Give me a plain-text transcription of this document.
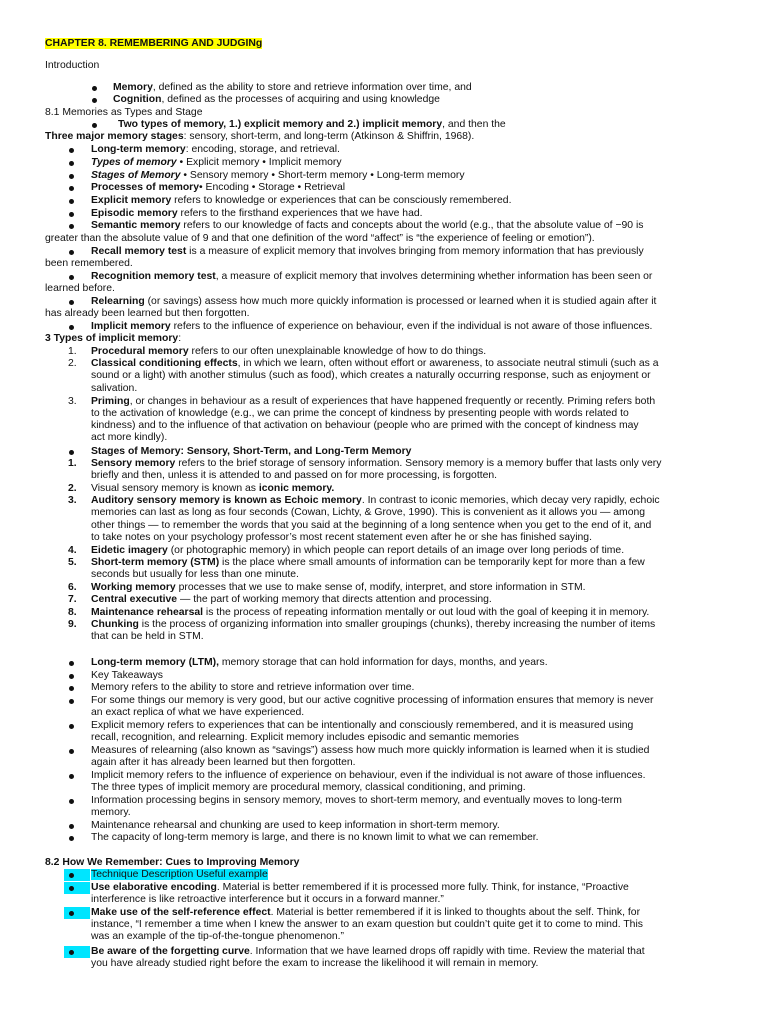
CHAPTER 8. REMEMBERING AND JUDGINg
Introduction
Memory, defined as the ability to store and retrieve information over time, and
Cognition, defined as the processes of acquiring and using knowledge
8.1 Memories as Types and Stage
Two types of memory, 1.) explicit memory and 2.) implicit memory, and then the
Three major memory stages: sensory, short-term, and long-term (Atkinson & Shiffrin, 1968).
Long-term memory: encoding, storage, and retrieval.
Types of memory • Explicit memory • Implicit memory
Stages of Memory • Sensory memory • Short-term memory • Long-term memory
Processes of memory• Encoding • Storage • Retrieval
Explicit memory refers to knowledge or experiences that can be consciously remembered.
Episodic memory refers to the firsthand experiences that we have had.
Semantic memory refers to our knowledge of facts and concepts about the world (e.g., that the absolute value of −90 is
greater than the absolute value of 9 and that one definition of the word “affect” is “the experience of feeling or emotion”).
Recall memory test is a measure of explicit memory that involves bringing from memory information that has previously
been remembered.
Recognition memory test, a measure of explicit memory that involves determining whether information has been seen or
learned before.
Relearning (or savings) assess how much more quickly information is processed or learned when it is studied again after it
has already been learned but then forgotten.
Implicit memory refers to the influence of experience on behaviour, even if the individual is not aware of those influences.
3 Types of implicit memory:
1. Procedural memory refers to our often unexplainable knowledge of how to do things.
2. Classical conditioning effects, in which we learn, often without effort or awareness, to associate neutral stimuli (such as a
sound or a light) with another stimulus (such as food), which creates a naturally occurring response, such as enjoyment or
salivation.
3. Priming, or changes in behaviour as a result of experiences that have happened frequently or recently. Priming refers both
to the activation of knowledge (e.g., we can prime the concept of kindness by presenting people with words related to
kindness) and to the influence of that activation on behaviour (people who are primed with the concept of kindness may
act more kindly).
Stages of Memory: Sensory, Short-Term, and Long-Term Memory
1. Sensory memory refers to the brief storage of sensory information. Sensory memory is a memory buffer that lasts only very
briefly and then, unless it is attended to and passed on for more processing, is forgotten.
2. Visual sensory memory is known as iconic memory.
3. Auditory sensory memory is known as Echoic memory. In contrast to iconic memories, which decay very rapidly, echoic
memories can last as long as four seconds (Cowan, Lichty, & Grove, 1990). This is convenient as it allows you — among
other things — to remember the words that you said at the beginning of a long sentence when you get to the end of it, and
to take notes on your psychology professor’s most recent statement even after he or she has finished saying.
4. Eidetic imagery (or photographic memory) in which people can report details of an image over long periods of time.
5. Short-term memory (STM) is the place where small amounts of information can be temporarily kept for more than a few
seconds but usually for less than one minute.
6. Working memory processes that we use to make sense of, modify, interpret, and store information in STM.
7. Central executive — the part of working memory that directs attention and processing.
8. Maintenance rehearsal is the process of repeating information mentally or out loud with the goal of keeping it in memory.
9. Chunking is the process of organizing information into smaller groupings (chunks), thereby increasing the number of items
that can be held in STM.
Long-term memory (LTM), memory storage that can hold information for days, months, and years.
Key Takeaways
Memory refers to the ability to store and retrieve information over time.
For some things our memory is very good, but our active cognitive processing of information ensures that memory is never
an exact replica of what we have experienced.
Explicit memory refers to experiences that can be intentionally and consciously remembered, and it is measured using
recall, recognition, and relearning. Explicit memory includes episodic and semantic memories
Measures of relearning (also known as “savings”) assess how much more quickly information is learned when it is studied
again after it has already been learned but then forgotten.
Implicit memory refers to the influence of experience on behaviour, even if the individual is not aware of those influences.
The three types of implicit memory are procedural memory, classical conditioning, and priming.
Information processing begins in sensory memory, moves to short-term memory, and eventually moves to long-term
memory.
Maintenance rehearsal and chunking are used to keep information in short-term memory.
The capacity of long-term memory is large, and there is no known limit to what we can remember.
8.2 How We Remember: Cues to Improving Memory
Technique Description Useful example
Use elaborative encoding. Material is better remembered if it is processed more fully. Think, for instance, “Proactive
interference is like retroactive interference but it occurs in a forward manner.”
Make use of the self-reference effect. Material is better remembered if it is linked to thoughts about the self. Think, for
instance, “I remember a time when I knew the answer to an exam question but couldn’t quite get it to come to mind. This
was an example of the tip-of-the-tongue phenomenon.”
Be aware of the forgetting curve. Information that we have learned drops off rapidly with time. Review the material that
you have already studied right before the exam to increase the likelihood it will remain in memory.
